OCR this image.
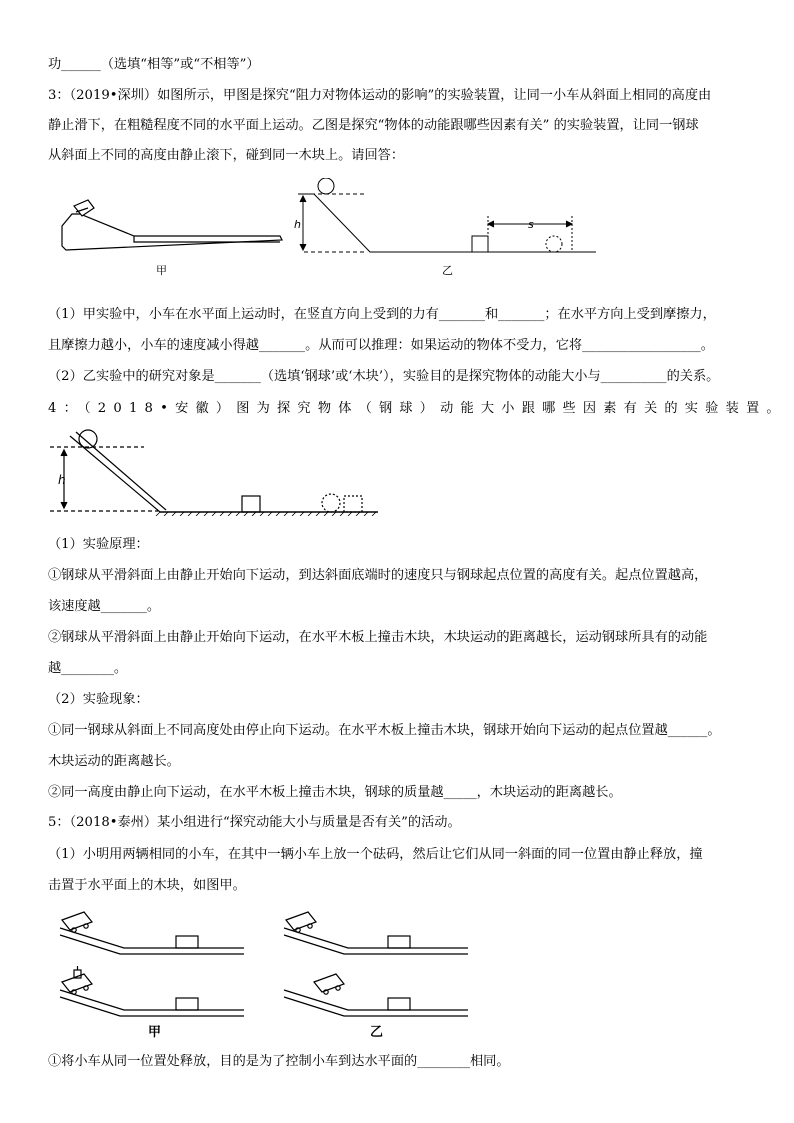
功______（选填“相等”或“不相等”）
3：（2019•深圳）如图所示，甲图是探究“阻力对物体运动的影响”的实验装置，让同一小车从斜面上相同的高度由
静止滑下，在粗糙程度不同的水平面上运动。乙图是探究“物体的动能跟哪些因素有关” 的实验装置，让同一钢球
从斜面上不同的高度由静止滚下，碰到同一木块上。请回答：
甲
h	s
乙
（1）甲实验中，小车在水平面上运动时，在竖直方向上受到的力有_______和_______；在水平方向上受到摩擦力，
且摩擦力越小，小车的速度减小得越_______。从而可以推理：如果运动的物体不受力，它将__________________。
（2）乙实验中的研究对象是_______（选填‘钢球’或‘木块’），实验目的是探究物体的动能大小与__________的关系。
4：（2018•安徽）图为探究物体（钢球）动能大小跟哪些因素有关的实验装置。
h
（1）实验原理：
①钢球从平滑斜面上由静止开始向下运动，到达斜面底端时的速度只与钢球起点位置的高度有关。起点位置越高，
该速度越_______。
②钢球从平滑斜面上由静止开始向下运动，在水平木板上撞击木块，木块运动的距离越长，运动钢球所具有的动能
越________。
（2）实验现象：
①同一钢球从斜面上不同高度处由停止向下运动。在水平木板上撞击木块，钢球开始向下运动的起点位置越______。
木块运动的距离越长。
②同一高度由静止向下运动，在水平木板上撞击木块，钢球的质量越_____，木块运动的距离越长。
5：（2018•泰州）某小组进行“探究动能大小与质量是否有关”的活动。
（1）小明用两辆相同的小车，在其中一辆小车上放一个砝码，然后让它们从同一斜面的同一位置由静止释放，撞
击置于水平面上的木块，如图甲。
甲	乙
①将小车从同一位置处释放，目的是为了控制小车到达水平面的________相同。
